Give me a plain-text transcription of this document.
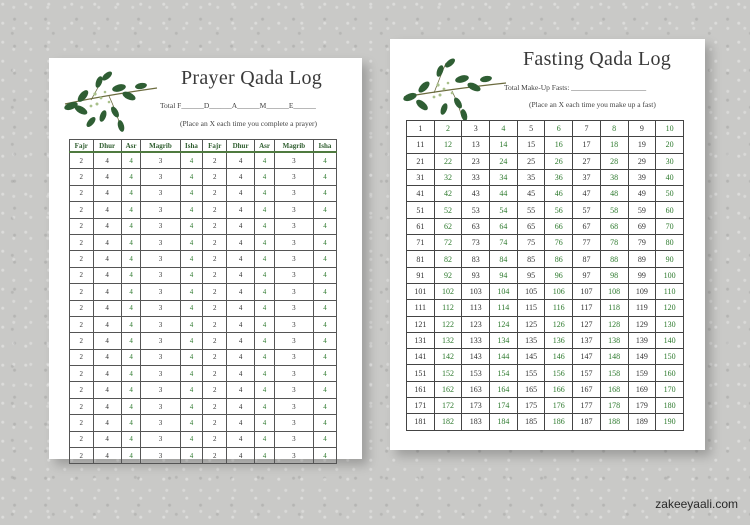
Prayer Qada Log
Total F______D______A______M______E______
(Place an X each time you complete a prayer)
Fajr	Dhur	Asr	Magrib	Isha	Fajr	Dhur	Asr	Magrib	Isha
2	4	4	3	4	2	4	4	3	4
2	4	4	3	4	2	4	4	3	4
2	4	4	3	4	2	4	4	3	4
2	4	4	3	4	2	4	4	3	4
2	4	4	3	4	2	4	4	3	4
2	4	4	3	4	2	4	4	3	4
2	4	4	3	4	2	4	4	3	4
2	4	4	3	4	2	4	4	3	4
2	4	4	3	4	2	4	4	3	4
2	4	4	3	4	2	4	4	3	4
2	4	4	3	4	2	4	4	3	4
2	4	4	3	4	2	4	4	3	4
2	4	4	3	4	2	4	4	3	4
2	4	4	3	4	2	4	4	3	4
2	4	4	3	4	2	4	4	3	4
2	4	4	3	4	2	4	4	3	4
2	4	4	3	4	2	4	4	3	4
2	4	4	3	4	2	4	4	3	4
2	4	4	3	4	2	4	4	3	4
Fasting Qada Log
Total Make-Up Fasts: ____________________
(Place an X each time you make up a fast)
1	2	3	4	5	6	7	8	9	10
11	12	13	14	15	16	17	18	19	20
21	22	23	24	25	26	27	28	29	30
31	32	33	34	35	36	37	38	39	40
41	42	43	44	45	46	47	48	49	50
51	52	53	54	55	56	57	58	59	60
61	62	63	64	65	66	67	68	69	70
71	72	73	74	75	76	77	78	79	80
81	82	83	84	85	86	87	88	89	90
91	92	93	94	95	96	97	98	99	100
101	102	103	104	105	106	107	108	109	110
111	112	113	114	115	116	117	118	119	120
121	122	123	124	125	126	127	128	129	130
131	132	133	134	135	136	137	138	139	140
141	142	143	144	145	146	147	148	149	150
151	152	153	154	155	156	157	158	159	160
161	162	163	164	165	166	167	168	169	170
171	172	173	174	175	176	177	178	179	180
181	182	183	184	185	186	187	188	189	190
zakeeyaali.com
